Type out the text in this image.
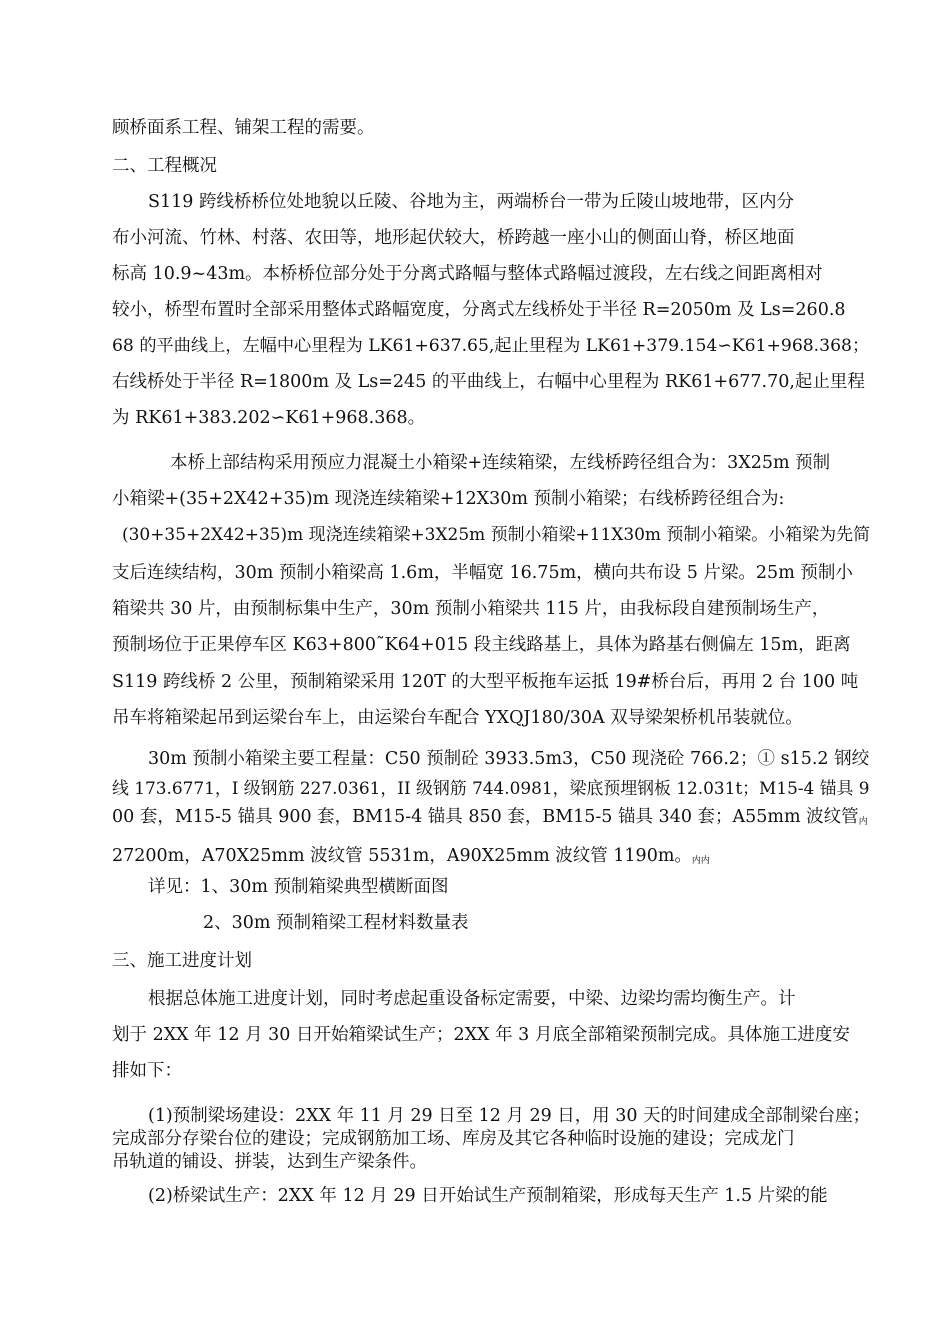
顾桥面系工程、铺架工程的需要。

二、工程概况

S119 跨线桥桥位处地貌以丘陵、谷地为主，两端桥台一带为丘陵山坡地带，区内分

布小河流、竹林、村落、农田等，地形起伏较大，桥跨越一座小山的侧面山脊，桥区地面

标高 10.9~43m。本桥桥位部分处于分离式路幅与整体式路幅过渡段，左右线之间距离相对

较小，桥型布置时全部采用整体式路幅宽度，分离式左线桥处于半径 R=2050m 及 Ls=260.8

68 的平曲线上，左幅中心里程为 LK61+637.65,起止里程为 LK61+379.154∽K61+968.368；

右线桥处于半径 R=1800m 及 Ls=245 的平曲线上，右幅中心里程为 RK61+677.70,起止里程

为 RK61+383.202∽K61+968.368。

本桥上部结构采用预应力混凝土小箱梁+连续箱梁，左线桥跨径组合为：3X25m 预制

小箱梁+(35+2X42+35)m 现浇连续箱梁+12X30m 预制小箱梁；右线桥跨径组合为:

(30+35+2X42+35)m 现浇连续箱梁+3X25m 预制小箱梁+11X30m 预制小箱梁。小箱梁为先简

支后连续结构，30m 预制小箱梁高 1.6m，半幅宽 16.75m，横向共布设 5 片梁。25m 预制小

箱梁共 30 片，由预制标集中生产，30m 预制小箱梁共 115 片，由我标段自建预制场生产，

预制场位于正果停车区 K63+800˜K64+015 段主线路基上，具体为路基右侧偏左 15m，距离

S119 跨线桥 2 公里，预制箱梁采用 120T 的大型平板拖车运抵 19#桥台后，再用 2 台 100 吨

吊车将箱梁起吊到运梁台车上，由运梁台车配合 YXQJ180/30A 双导梁架桥机吊装就位。

30m 预制小箱梁主要工程量：C50 预制砼 3933.5m3，C50 现浇砼 766.2；① s15.2 钢绞

线 173.6771，I 级钢筋 227.0361，II 级钢筋 744.0981，梁底预埋钢板 12.031t；M15-4 锚具 9

00 套，M15-5 锚具 900 套，BM15-4 锚具 850 套，BM15-5 锚具 340 套；A55mm 波纹管内

27200m，A70X25mm 波纹管 5531m，A90X25mm 波纹管 1190m。内内

详见：1、30m 预制箱梁典型横断面图

2、30m 预制箱梁工程材料数量表

三、施工进度计划

根据总体施工进度计划，同时考虑起重设备标定需要，中梁、边梁均需均衡生产。计

划于 2XX 年 12 月 30 日开始箱梁试生产；2XX 年 3 月底全部箱梁预制完成。具体施工进度安

排如下：

(1)预制梁场建设：2XX 年 11 月 29 日至 12 月 29 日，用 30 天的时间建成全部制梁台座；

完成部分存梁台位的建设；完成钢筋加工场、库房及其它各种临时设施的建设；完成龙门

吊轨道的铺设、拼装，达到生产梁条件。

(2)桥梁试生产：2XX 年 12 月 29 日开始试生产预制箱梁，形成每天生产 1.5 片梁的能
